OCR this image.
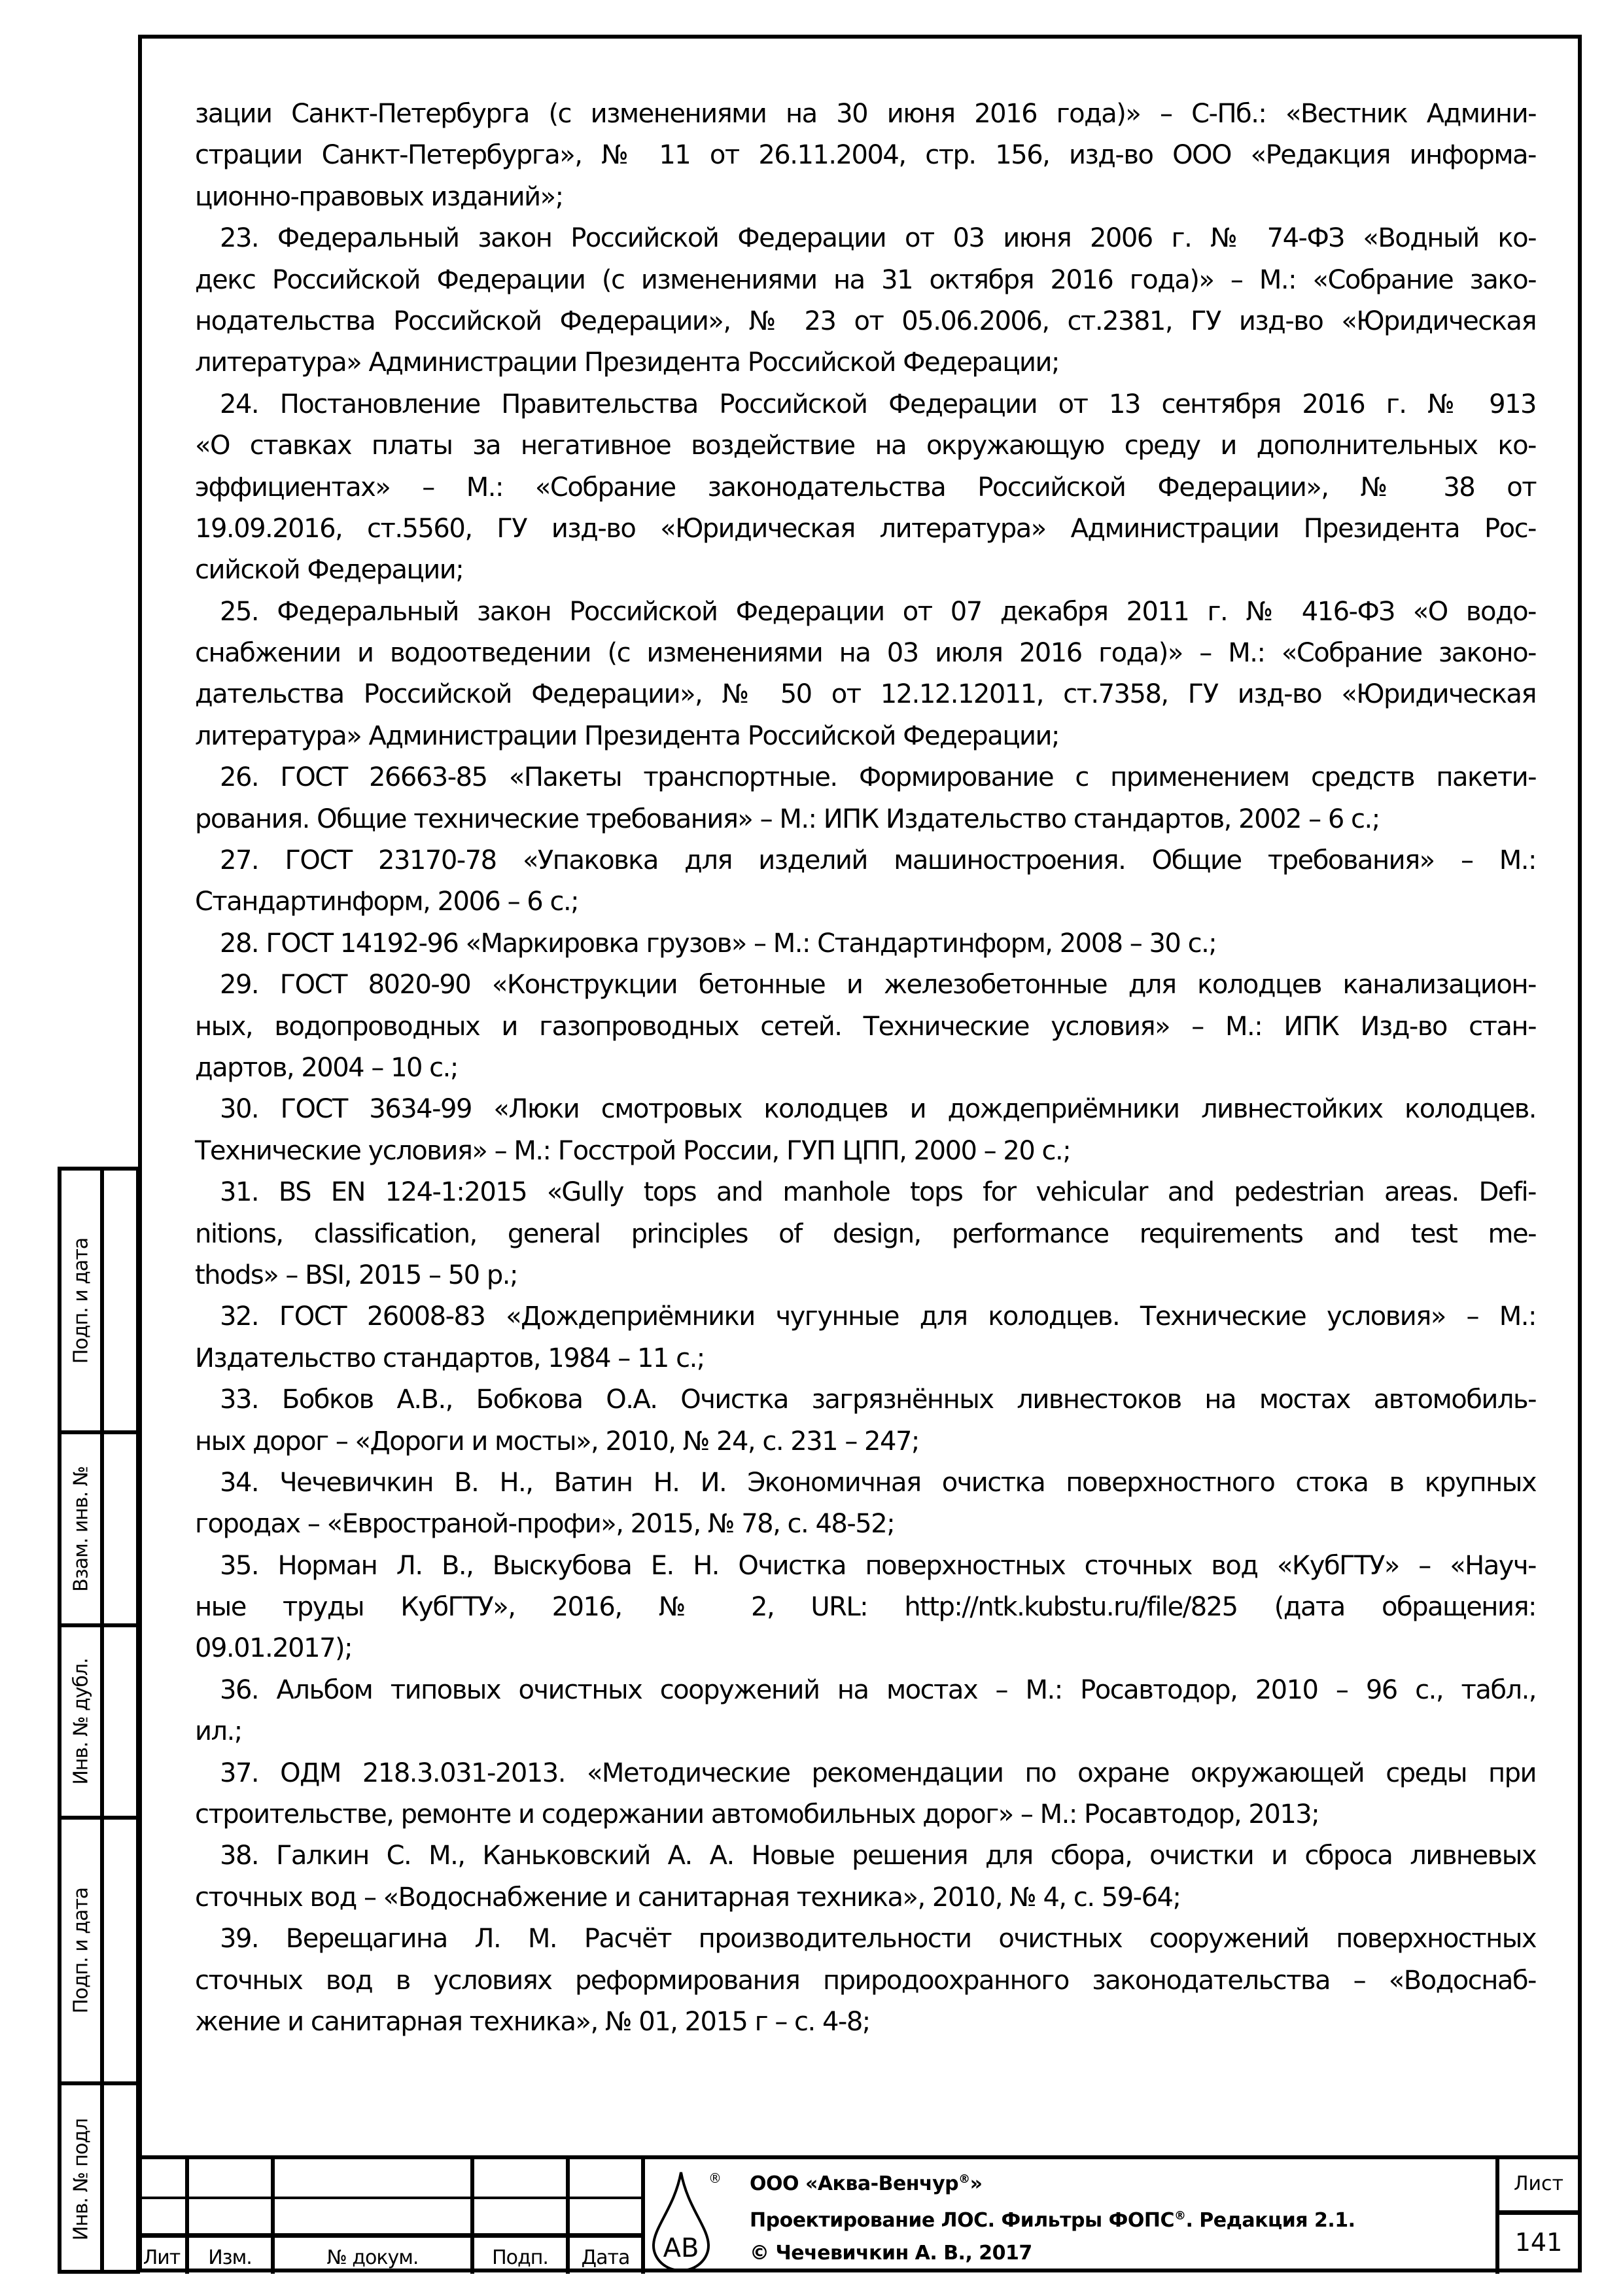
зации Санкт-Петербурга (с изменениями на 30 июня 2016 года)» – С-Пб.: «Вестник Админи-
страции Санкт-Петербурга», № 11 от 26.11.2004, стр. 156, изд-во ООО «Редакция информа-
ционно-правовых изданий»;
23. Федеральный закон Российской Федерации от 03 июня 2006 г. № 74-ФЗ «Водный ко-
декс Российской Федерации (с изменениями на 31 октября 2016 года)» – М.: «Собрание зако-
нодательства Российской Федерации», № 23 от 05.06.2006, ст.2381, ГУ изд-во «Юридическая
литература» Администрации Президента Российской Федерации;
24. Постановление Правительства Российской Федерации от 13 сентября 2016 г. № 913
«О ставках платы за негативное воздействие на окружающую среду и дополнительных ко-
эффициентах» – М.: «Собрание законодательства Российской Федерации», № 38 от
19.09.2016, ст.5560, ГУ изд-во «Юридическая литература» Администрации Президента Рос-
сийской Федерации;
25. Федеральный закон Российской Федерации от 07 декабря 2011 г. № 416-ФЗ «О водо-
снабжении и водоотведении (с изменениями на 03 июля 2016 года)» – М.: «Собрание законо-
дательства Российской Федерации», № 50 от 12.12.12011, ст.7358, ГУ изд-во «Юридическая
литература» Администрации Президента Российской Федерации;
26. ГОСТ 26663-85 «Пакеты транспортные. Формирование с применением средств пакети-
рования. Общие технические требования» – М.: ИПК Издательство стандартов, 2002 – 6 с.;
27. ГОСТ 23170-78 «Упаковка для изделий машиностроения. Общие требования» – М.:
Стандартинформ, 2006 – 6 с.;
28. ГОСТ 14192-96 «Маркировка грузов» – М.: Стандартинформ, 2008 – 30 с.;
29. ГОСТ 8020-90 «Конструкции бетонные и железобетонные для колодцев канализацион-
ных, водопроводных и газопроводных сетей. Технические условия» – М.: ИПК Изд-во стан-
дартов, 2004 – 10 с.;
30. ГОСТ 3634-99 «Люки смотровых колодцев и дождеприёмники ливнестойких колодцев.
Технические условия» – М.: Госстрой России, ГУП ЦПП, 2000 – 20 с.;
31. BS EN 124-1:2015 «Gully tops and manhole tops for vehicular and pedestrian areas. Defi-
nitions, classification, general principles of design, performance requirements and test me-
thods» – BSI, 2015 – 50 p.;
32. ГОСТ 26008-83 «Дождеприёмники чугунные для колодцев. Технические условия» – М.:
Издательство стандартов, 1984 – 11 с.;
33. Бобков А.В., Бобкова О.А. Очистка загрязнённых ливнестоков на мостах автомобиль-
ных дорог – «Дороги и мосты», 2010, № 24, с. 231 – 247;
34. Чечевичкин В. Н., Ватин Н. И. Экономичная очистка поверхностного стока в крупных
городах – «Евространой-профи», 2015, № 78, с. 48-52;
35. Норман Л. В., Выскубова Е. Н. Очистка поверхностных сточных вод «КубГТУ» – «Науч-
ные труды КубГТУ», 2016, № 2, URL: http://ntk.kubstu.ru/file/825 (дата обращения:
09.01.2017);
36. Альбом типовых очистных сооружений на мостах – М.: Росавтодор, 2010 – 96 с., табл.,
ил.;
37. ОДМ 218.3.031-2013. «Методические рекомендации по охране окружающей среды при
строительстве, ремонте и содержании автомобильных дорог» – М.: Росавтодор, 2013;
38. Галкин С. М., Каньковский А. А. Новые решения для сбора, очистки и сброса ливневых
сточных вод – «Водоснабжение и санитарная техника», 2010, № 4, с. 59-64;
39. Верещагина Л. М. Расчёт производительности очистных сооружений поверхностных
сточных вод в условиях реформирования природоохранного законодательства – «Водоснаб-
жение и санитарная техника», № 01, 2015 г – с. 4-8;
Подп. и дата
Взам. инв. №
Инв. № дубл.
Подп. и дата
Инв. № подл
Лит	Изм.	№ докум.	Подп.	Дата	AB
® ООО «Аква-Венчур®»
Проектирование ЛОС. Фильтры ФОПС®. Редакция 2.1.
© Чечевичкин А. В., 2017
Лист
141
